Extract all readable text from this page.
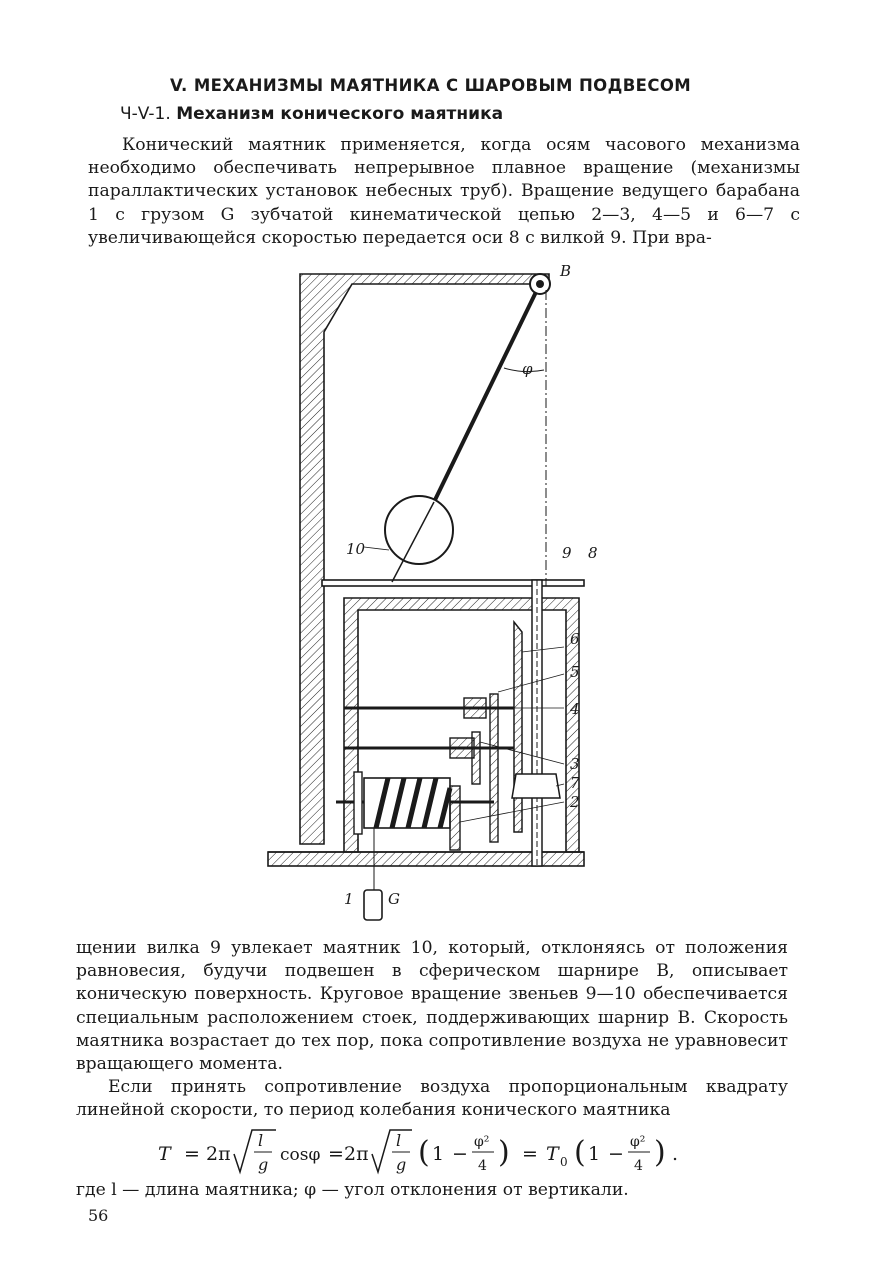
V. МЕХАНИЗМЫ МАЯТНИКА С ШАРОВЫМ ПОДВЕСОМ
Ч-V-1. Механизм конического маятника
Конический маятник применяется, когда осям часового механизма необходимо обеспечивать непрерывное плавное вращение (механизмы параллактических установок небесных труб). Вращение ведущего барабана 1 с грузом G зубчатой кинематической цепью 2—3, 4—5 и 6—7 с увеличивающейся скоростью передается оси 8 с вилкой 9. При вра-
B
φ
10	9 8
6
5
4
3
7
2
1 G
щении вилка 9 увлекает маятник 10, который, отклоняясь от положения равновесия, будучи подвешен в сферическом шарнире B, описывает коническую поверхность. Круговое вращение звеньев 9—10 обеспечивается специальным расположением стоек, поддерживающих шарнир B. Скорость маятника возрастает до тех пор, пока сопротивление воздуха не уравновесит вращающего момента.
Если принять сопротивление воздуха пропорциональным квадрату линейной скорости, то период колебания конического маятника
T = 2π
l
g cosφ = 2π
l
g ( 1 −
φ²
4 ) = T 0 ( 1 −
φ²
4 ) .
где l — длина маятника; φ — угол отклонения от вертикали.
56
